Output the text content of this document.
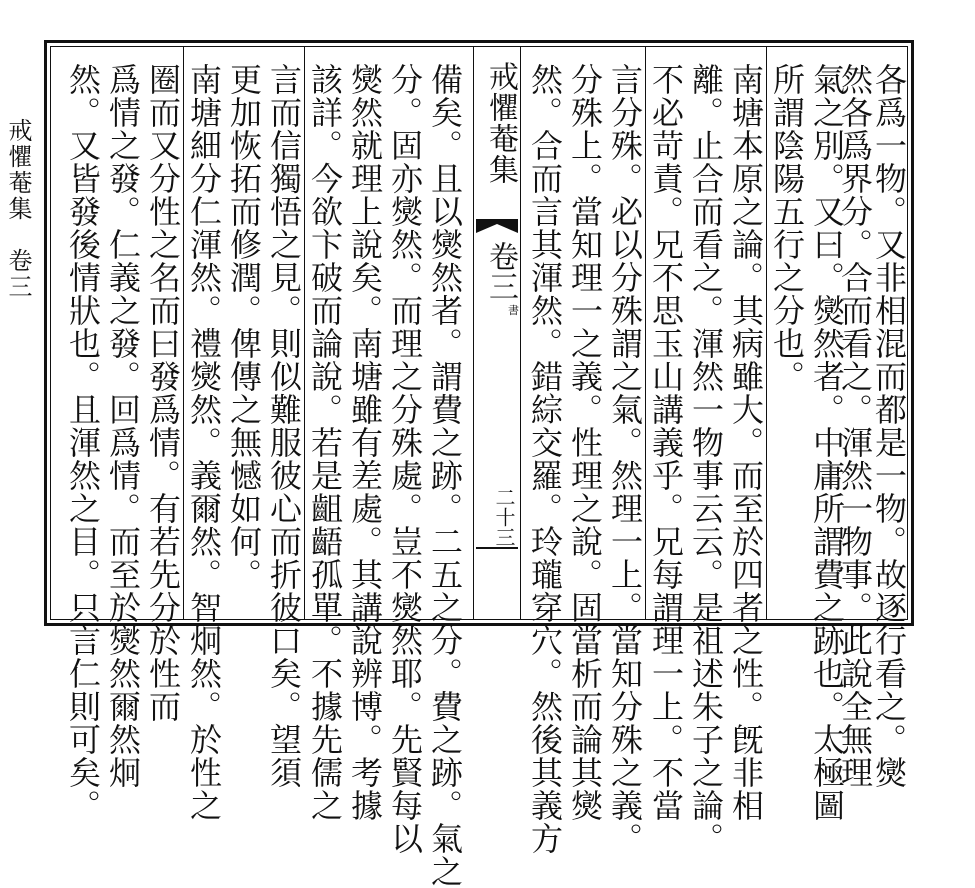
戒懼菴集　卷三 然。又皆發後情狀也。且渾然之目。只言仁則可矣。 爲情之發。仁義之發。回爲情。而至於爕然爾然炯 圈而又分性之名而曰發爲情。有若先分於性而 南塘細分仁渾然。禮爕然。義爾然。智炯然。於性之 更加恢拓而修潤。俾傳之無憾如何。 言而信獨悟之見。則似難服彼心而折彼口矣。望須 該詳。今欲卞破而論說。若是齟齬孤單。不據先儒之 爕然就理上說矣。南塘雖有差處。其講說辨博。考據 分。固亦爕然。而理之分殊處。豈不爕然耶。先賢每以 備矣。且以爕然者。謂費之跡。二五之分。費之跡。氣之 戒懼菴集
卷三
書
二十三 然。合而言其渾然。錯綜交羅。玲瓏穿穴。然後其義方 分殊上。當知理一之義。性理之說。固當析而論其爕 言分殊。必以分殊謂之氣。然理一上。當知分殊之義。 不必苛責。兄不思玉山講義乎。兄每謂理一上。不當 離。止合而看之。渾然一物事云云。是祖述朱子之論。 南塘本原之論。其病雖大。而至於四者之性。旣非相 所謂陰陽五行之分也。 氣之別。又曰。爕然者。中庸所謂費之跡也。太極圖
然各爲界分。合而看之。渾然一物事。此說全無理
各爲一物。又非相混而都是一物。故逐行看之。爕
